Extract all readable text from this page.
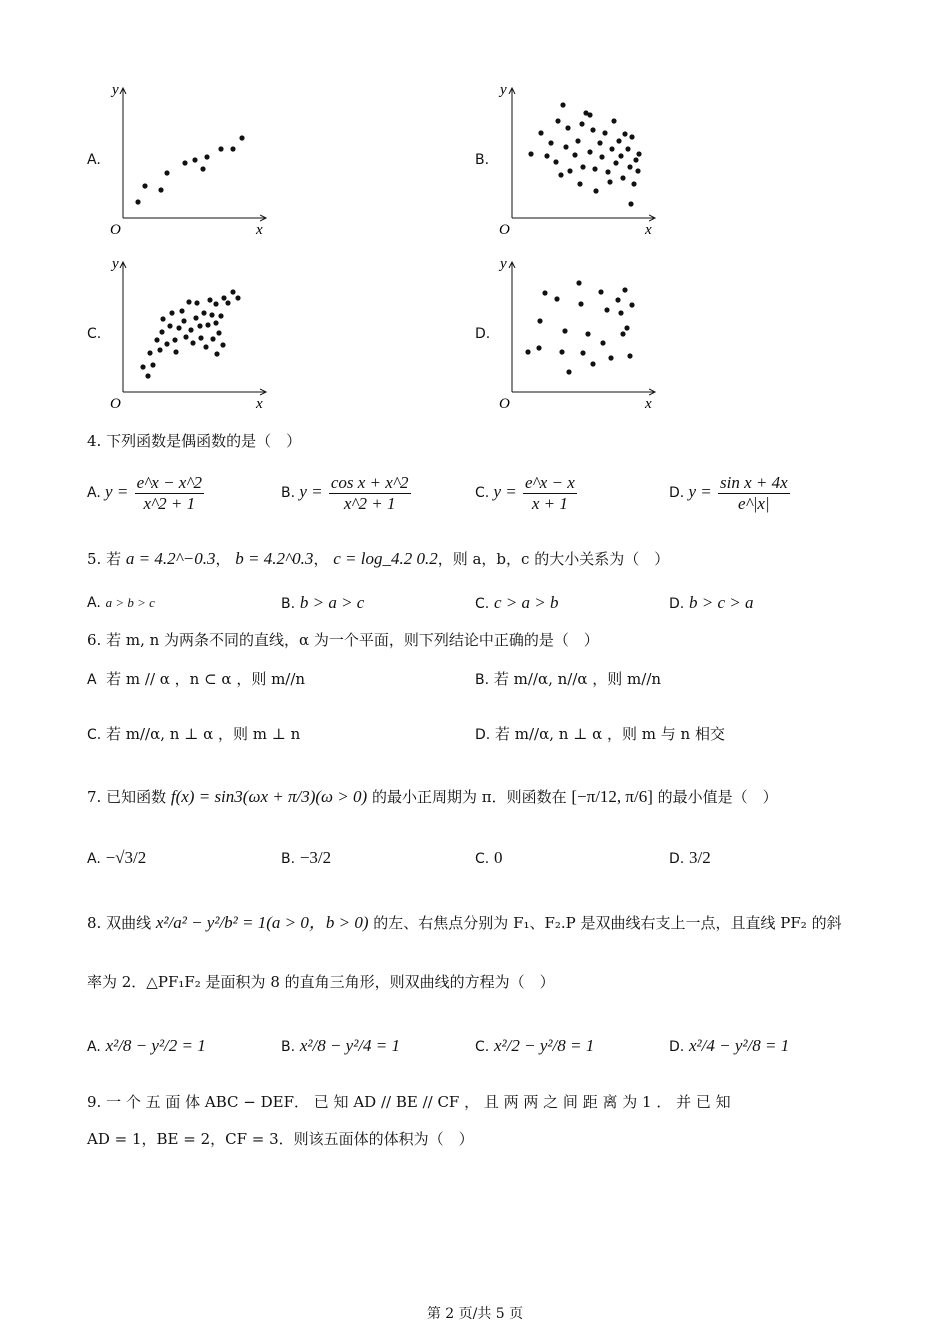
A.	B.
C.	D.
y
x
O
y
x
O
y
x
O
y
x
O
4. 下列函数是偶函数的是（　）
A. $y = \frac{e\^{}x - x\^{}2}{x\^{}2 + 1}$	B. $y = \frac{\text{cos x + x\textasciicircum{}2}}{x\^{}2 + 1}$	C. $y = \frac{e\^{}x - x}{x + 1}$	D. $y = \frac{\text{sin x + 4x}}{e\^{}|x|}$
5. 若 a = 4.2^−0.3， b = 4.2^0.3， c = log_4.2 0.2，则 a，b，c 的大小关系为（　）
A. a > b > c	B. b > a > c	C. c > a > b	D. b > c > a
6. 若 m, n 为两条不同的直线，α 为一个平面，则下列结论中正确的是（　）
A 若 m // α ，n ⊂ α ，则 m//n	B. 若 m//α, n//α ，则 m//n
C. 若 m//α, n ⊥ α ，则 m ⊥ n	D. 若 m//α, n ⊥ α ，则 m 与 n 相交
7. 已知函数 f(x) = sin3(ωx + π/3)(ω > 0) 的最小正周期为 π．则函数在 [−π/12, π/6] 的最小值是（　）
A. −√3/2	B. −3/2	C. 0	D. 3/2
8. 双曲线 x²/a² − y²/b² = 1(a > 0，b > 0) 的左、右焦点分别为 F₁、F₂.P 是双曲线右支上一点，且直线 PF₂ 的斜
率为 2．△PF₁F₂ 是面积为 8 的直角三角形，则双曲线的方程为（　）
A. x²/8 − y²/2 = 1	B. x²/8 − y²/4 = 1	C. x²/2 − y²/8 = 1	D. x²/4 − y²/8 = 1
9. 一 个 五 面 体 ABC − DEF． 已 知 AD // BE // CF ， 且 两 两 之 间 距 离 为 1 ． 并 已 知
AD = 1，BE = 2，CF = 3．则该五面体的体积为（　）
第 2 页/共 5 页
